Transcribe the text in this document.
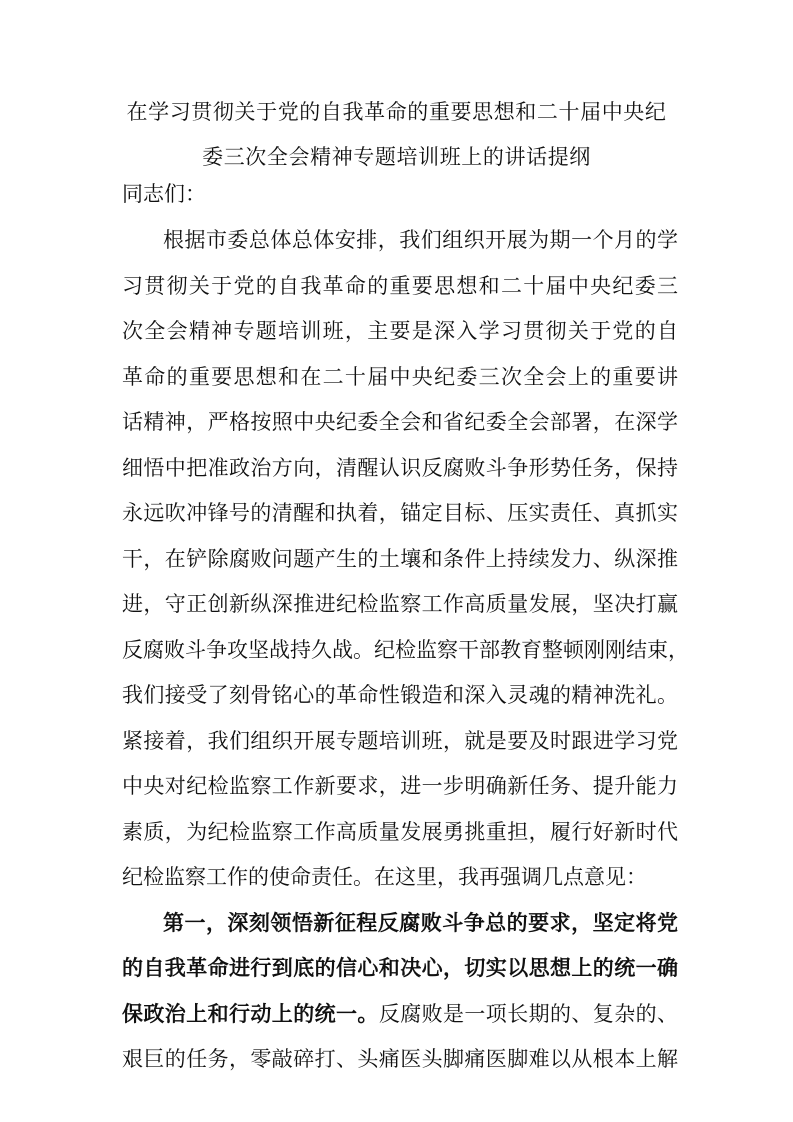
在学习贯彻关于党的自我革命的重要思想和二十届中央纪
委三次全会精神专题培训班上的讲话提纲
同志们：
根据市委总体总体安排，我们组织开展为期一个月的学
习贯彻关于党的自我革命的重要思想和二十届中央纪委三
次全会精神专题培训班，主要是深入学习贯彻关于党的自
革命的重要思想和在二十届中央纪委三次全会上的重要讲
话精神，严格按照中央纪委全会和省纪委全会部署，在深学
细悟中把准政治方向，清醒认识反腐败斗争形势任务，保持
永远吹冲锋号的清醒和执着，锚定目标、压实责任、真抓实
干，在铲除腐败问题产生的土壤和条件上持续发力、纵深推
进，守正创新纵深推进纪检监察工作高质量发展，坚决打赢
反腐败斗争攻坚战持久战。纪检监察干部教育整顿刚刚结束，
我们接受了刻骨铭心的革命性锻造和深入灵魂的精神洗礼。
紧接着，我们组织开展专题培训班，就是要及时跟进学习党
中央对纪检监察工作新要求，进一步明确新任务、提升能力
素质，为纪检监察工作高质量发展勇挑重担，履行好新时代
纪检监察工作的使命责任。在这里，我再强调几点意见：
第一，深刻领悟新征程反腐败斗争总的要求，坚定将党
的自我革命进行到底的信心和决心，切实以思想上的统一确
保政治上和行动上的统一。反腐败是一项长期的、复杂的、
艰巨的任务，零敲碎打、头痛医头脚痛医脚难以从根本上解
